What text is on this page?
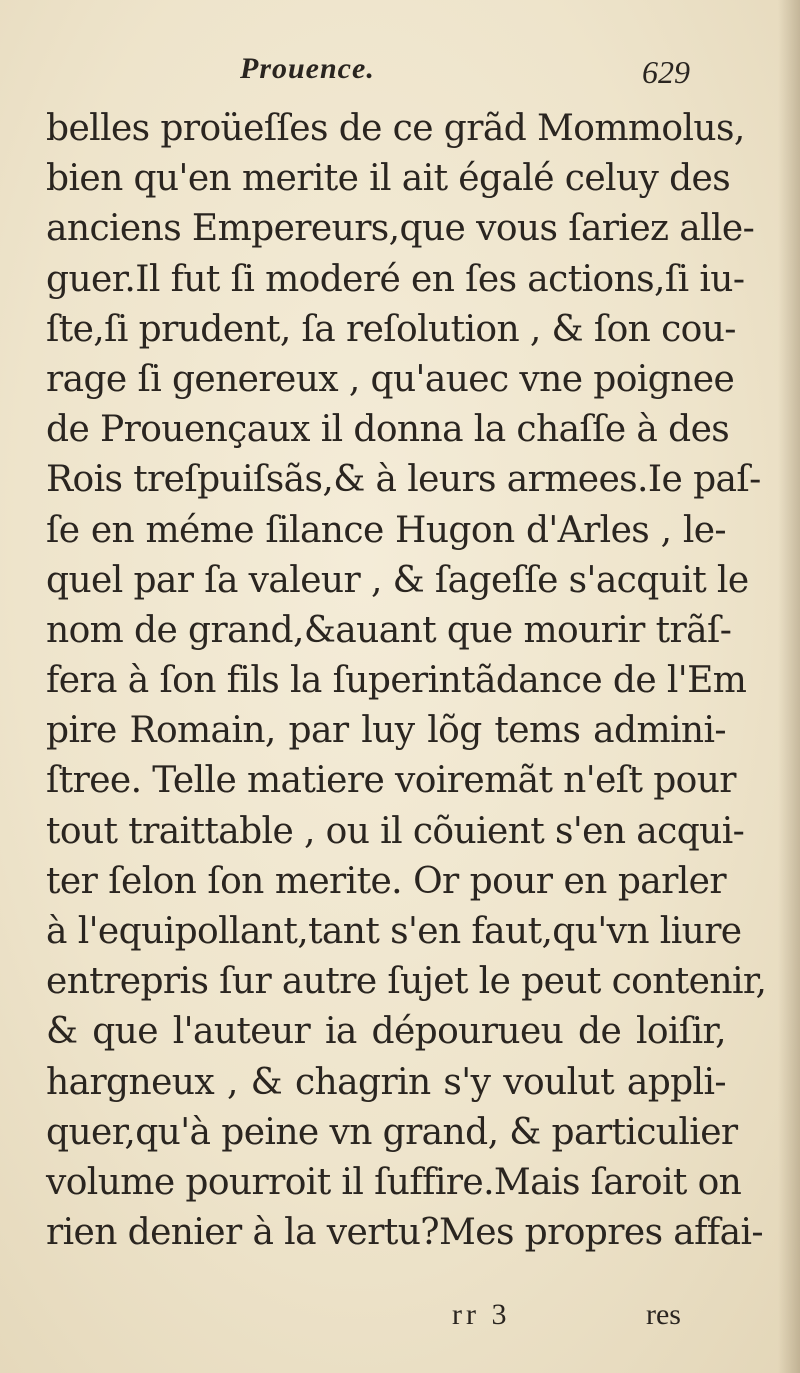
Prouence.	629
belles proüeſſes de ce grãd Mommolus,
bien qu'en merite il ait égalé celuy des
anciens Empereurs,que vous ſariez alle-
guer.Il fut ſi moderé en ſes actions,ſi iu-
ſte,ſi prudent, ſa reſolution , & ſon cou-
rage ſi genereux , qu'auec vne poignee
de Prouençaux il donna la chaſſe à des
Rois treſpuiſsãs,& à leurs armees.Ie paſ-
ſe en méme ſilance Hugon d'Arles , le-
quel par ſa valeur , & ſageſſe s'acquit le
nom de grand,&auant que mourir trãſ-
fera à ſon fils la ſuperintãdance de l'Em
pire Romain, par luy lõg tems admini-
ſtree. Telle matiere voiremãt n'eſt pour
tout traittable , ou il cõuient s'en acqui-
ter ſelon ſon merite. Or pour en parler
à l'equipollant,tant s'en faut,qu'vn liure
entrepris ſur autre ſujet le peut contenir,
& que l'auteur ia dépourueu de loiſir,
hargneux , & chagrin s'y voulut appli-
quer,qu'à peine vn grand, & particulier
volume pourroit il ſuffire.Mais ſaroit on
rien denier à la vertu?Mes propres affai-
rr 3	res
